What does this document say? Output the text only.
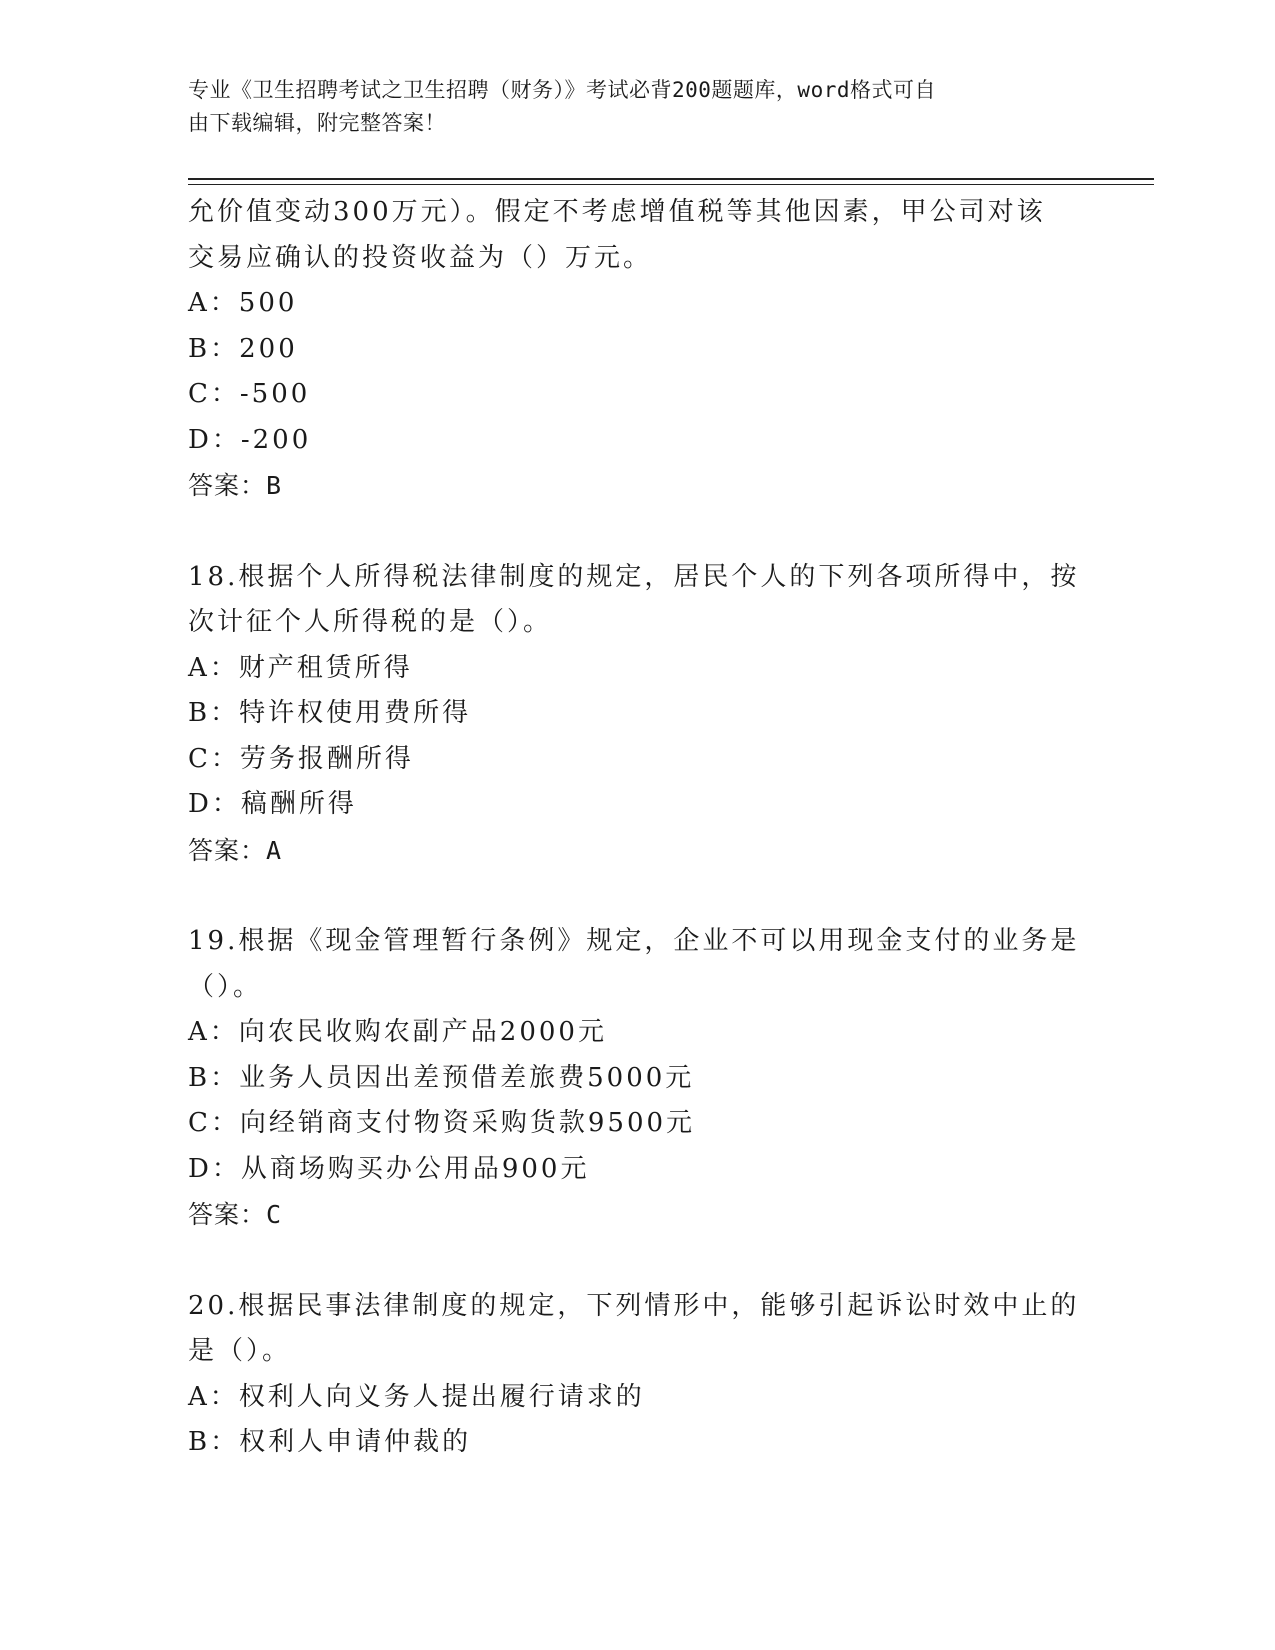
专业《卫生招聘考试之卫生招聘（财务）》考试必背200题题库，word格式可自
由下载编辑，附完整答案！
允价值变动300万元）。假定不考虑增值税等其他因素，甲公司对该
交易应确认的投资收益为（）万元。
A：500
B：200
C：-500
D：-200
答案：B
18.根据个人所得税法律制度的规定，居民个人的下列各项所得中，按
次计征个人所得税的是（）。
A：财产租赁所得
B：特许权使用费所得
C：劳务报酬所得
D：稿酬所得
答案：A
19.根据《现金管理暂行条例》规定，企业不可以用现金支付的业务是
（）。
A：向农民收购农副产品2000元
B：业务人员因出差预借差旅费5000元
C：向经销商支付物资采购货款9500元
D：从商场购买办公用品900元
答案：C
20.根据民事法律制度的规定，下列情形中，能够引起诉讼时效中止的
是（）。
A：权利人向义务人提出履行请求的
B：权利人申请仲裁的
